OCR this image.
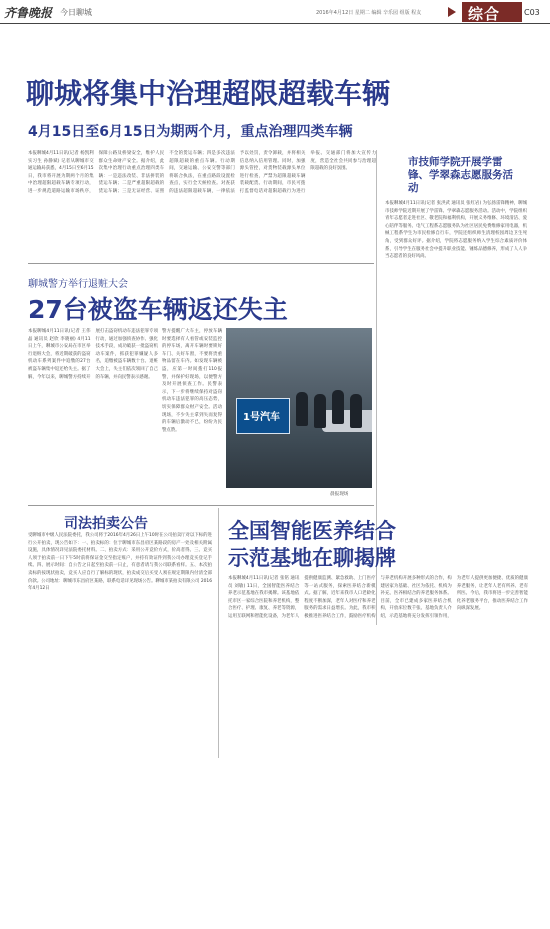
齐鲁晚报 今日聊城	2016年4月12日 星期二 编辑 辛乐园 组版 程友	综合	C03
聊城将集中治理超限超载车辆
4月15日至6月15日为期两个月，重点治理四类车辆
本报聊城4月11日讯(记者 杨凯利 实习生 孙静斌) 记者从聊城市交通运输局获悉，4月15日至6月15日，我市将开展为期两个月的集中治理超限超载车辆专项行动，进一步规范道路运输市场秩序，保障公路及桥梁安全，维护人民群众生命财产安全。据介绍，此次集中治理行动重点治理四类车辆：一是违法改装、非法拼装的货运车辆；二是严重超限超载的货运车辆；三是无证经营、证照不全的货运车辆；四是多次违法超限超载的重点车辆。行动期间，交通运输、公安交警等部门将联合执法，在重点路段设置检查点，实行全天候检查。对查获的违法超限超载车辆，一律依法予以处罚，责令卸载，并将相关信息纳入信用管理。同时，加强源头管控，对货物装载源头单位进行检查，严禁为超限超载车辆装载配货。行动期间，市民可拨打监督电话对超限超载行为进行举报。交通部门将加大宣传力度，营造全社会共同参与治理超限超载的良好氛围。
市技师学院开展学雷锋、学翠森志愿服务活动
本报聊城4月11日讯(记者 张洪武 通讯员 张红岩) 为弘扬雷锋精神，聊城市技师学院近期开展了学雷锋、学翠森志愿服务活动。活动中，学院组织青年志愿者走进社区、敬老院和福利机构，开展义务维修、环境清洁、爱心陪伴等服务。电气工程系志愿服务队为社区居民免费维修家用电器，机械工程系学生为市民检修自行车，学院还组织师生清理校园周边卫生死角，受到群众好评。据介绍，学院将志愿服务纳入学生综合素质评价体系，引导学生在服务社会中提升职业技能、锤炼品德修养，形成了人人争当志愿者的良好风尚。
聊城警方举行退赃大会
27台被盗车辆返还失主
本报聊城4月11日讯(记者 王伟晶 通讯员 赵欣 李晓丽) 4月11日上午，聊城市公安局在市区举行退赃大会，将近期破获的盗窃机动车系列案件中追缴的27台被盗车辆集中返还给失主。据了解，今年以来，聊城警方持续开展打击盗窃机动车违法犯罪专项行动，通过加强侦查协作、强化技术手段，成功破获一批盗窃机动车案件，抓获犯罪嫌疑人多名，追缴被盗车辆数十台。退赃大会上，失主们依次领回了自己的车辆，并向民警表示感谢。
警方提醒广大车主，停放车辆时要选择有人看管或安装监控的停车场，离开车辆时要锁好车门、关好车窗，不要将贵重物品留在车内。如发现车辆被盗，应第一时间拨打110报警，并保护好现场，以便警方及时开展侦查工作。民警表示，下一步将继续保持对盗窃机动车违法犯罪的高压态势，切实保障群众财产安全。活动现场，不少失主拿到失而复得的车辆后激动不已，纷纷为民警点赞。
1号汽车
晨报现场
司法拍卖公告
受聊城市中级人民法院委托，我公司将于2016年4月26日上午10时在公司拍卖厅对以下标的进行公开拍卖，现公告如下：一、拍卖标的：位于聊城市东昌府区某路段的房产一处及相关附属设施，具体情况详见法院委托材料。二、拍卖方式：采用公开竞价方式，价高者得。三、竞买人须于拍卖前一日下午5时前将保证金交至指定账户，并持有效证件到我公司办理竞买登记手续。四、展示时间：自公告之日起至拍卖前一日止，有意者请与我公司联系看样。五、本次拍卖标的按现状拍卖，竞买人应自行了解标的现状，拍卖成交后买受人须在规定期限内付清全部价款。公司地址：聊城市东昌府区某路，联系电话详见现场公告。聊城市某拍卖有限公司 2016年4月12日
全国智能医养结合
示范基地在聊揭牌
本报聊城4月11日讯(记者 张铭 通讯员 刘敏) 11日，全国智能医养结合养老示范基地在我市揭牌。该基地依托市区一家综合医院和养老机构，整合医疗、护理、康复、养老等资源，运用互联网和智能化设备，为老年人提供健康监测、紧急救助、上门医疗等一站式服务，探索医养结合新模式。据了解，近年来我市人口老龄化程度不断加深，老年人对医疗和养老服务的需求日益增长。为此，我市积极推进医养结合工作，鼓励医疗机构与养老机构开展多种形式的合作，构建居家为基础、社区为依托、机构为补充、医养相结合的养老服务体系。目前，全市已建成多家医养结合机构，开放床位数千张。基地负责人介绍，示范基地将充分发挥引领作用，为老年人提供更加便捷、优质的健康养老服务，让老年人老有所养、老有所医。今后，我市将进一步完善智能化养老服务平台，推动医养结合工作向纵深发展。
